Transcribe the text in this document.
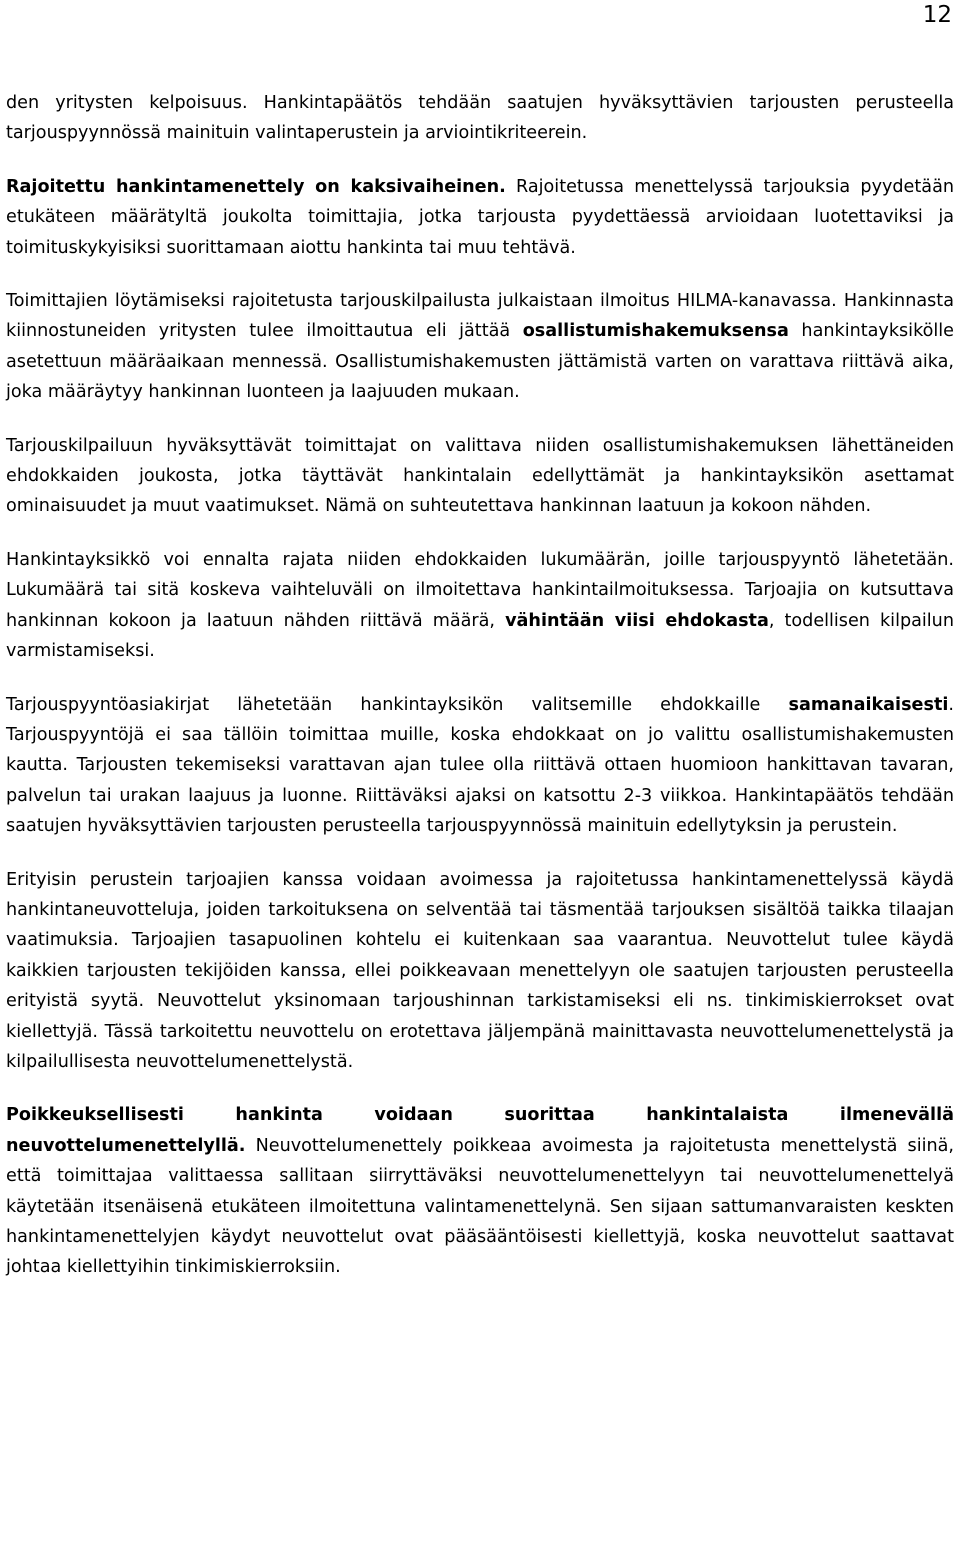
12

den yritysten kelpoisuus. Hankintapäätös tehdään saatujen hyväksyttävien tarjousten perusteella tarjouspyynnössä mainituin valintaperustein ja arviointikriteerein.

Rajoitettu hankintamenettely on kaksivaiheinen. Rajoitetussa menettelyssä tarjouksia pyydetään etukäteen määrätyltä joukolta toimittajia, jotka tarjousta pyydettäessä arvioidaan luotettaviksi ja toimituskykyisiksi suorittamaan aiottu hankinta tai muu tehtävä.

Toimittajien löytämiseksi rajoitetusta tarjouskilpailusta julkaistaan ilmoitus HILMA-kanavassa. Hankinnasta kiinnostuneiden yritysten tulee ilmoittautua eli jättää osallistumishakemuksensa hankintayksikölle asetettuun määräaikaan mennessä. Osallistumishakemusten jättämistä varten on varattava riittävä aika, joka määräytyy hankinnan luonteen ja laajuuden mukaan.

Tarjouskilpailuun hyväksyttävät toimittajat on valittava niiden osallistumishakemuksen lähettäneiden ehdokkaiden joukosta, jotka täyttävät hankintalain edellyttämät ja hankintayksikön asettamat ominaisuudet ja muut vaatimukset. Nämä on suhteutettava hankinnan laatuun ja kokoon nähden.

Hankintayksikkö voi ennalta rajata niiden ehdokkaiden lukumäärän, joille tarjouspyyntö lähetetään. Lukumäärä tai sitä koskeva vaihteluväli on ilmoitettava hankintailmoituksessa. Tarjoajia on kutsuttava hankinnan kokoon ja laatuun nähden riittävä määrä, vähintään viisi ehdokasta, todellisen kilpailun varmistamiseksi.

Tarjouspyyntöasiakirjat lähetetään hankintayksikön valitsemille ehdokkaille samanaikaisesti. Tarjouspyyntöjä ei saa tällöin toimittaa muille, koska ehdokkaat on jo valittu osallistumishakemusten kautta. Tarjousten tekemiseksi varattavan ajan tulee olla riittävä ottaen huomioon hankittavan tavaran, palvelun tai urakan laajuus ja luonne. Riittäväksi ajaksi on katsottu 2-3 viikkoa. Hankintapäätös tehdään saatujen hyväksyttävien tarjousten perusteella tarjouspyynnössä mainituin edellytyksin ja perustein.

Erityisin perustein tarjoajien kanssa voidaan avoimessa ja rajoitetussa hankintamenettelyssä käydä hankintaneuvotteluja, joiden tarkoituksena on selventää tai täsmentää tarjouksen sisältöä taikka tilaajan vaatimuksia. Tarjoajien tasapuolinen kohtelu ei kuitenkaan saa vaarantua. Neuvottelut tulee käydä kaikkien tarjousten tekijöiden kanssa, ellei poikkeavaan menettelyyn ole saatujen tarjousten perusteella erityistä syytä. Neuvottelut yksinomaan tarjoushinnan tarkistamiseksi eli ns. tinkimiskierrokset ovat kiellettyjä. Tässä tarkoitettu neuvottelu on erotettava jäljempänä mainittavasta neuvottelumenettelystä ja kilpailullisesta neuvottelumenettelystä.

Poikkeuksellisesti hankinta voidaan suorittaa hankintalaista ilmenevällä neuvottelumenettelyllä. Neuvottelumenettely poikkeaa avoimesta ja rajoitetusta menettelystä siinä, että toimittajaa valittaessa sallitaan siirryttäväksi neuvottelumenettelyyn tai neuvottelumenettelyä käytetään itsenäisenä etukäteen ilmoitettuna valintamenettelynä. Sen sijaan sattumanvaraisten keskten hankintamenettelyjen käydyt neuvottelut ovat pääsääntöisesti kiellettyjä, koska neuvottelut saattavat johtaa kiellettyihin tinkimiskierroksiin.
